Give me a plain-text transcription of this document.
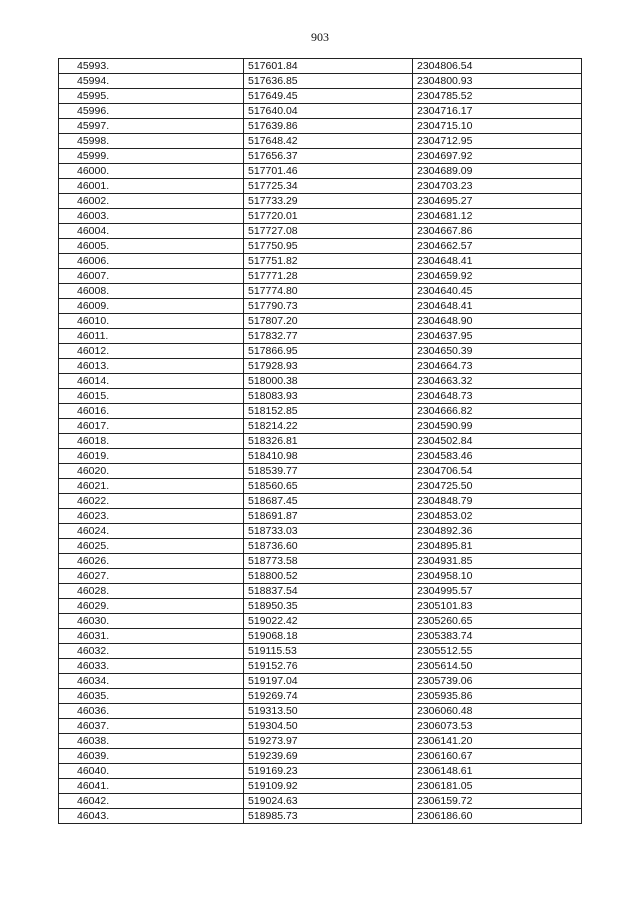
903
45993.	517601.84	2304806.54
45994.	517636.85	2304800.93
45995.	517649.45	2304785.52
45996.	517640.04	2304716.17
45997.	517639.86	2304715.10
45998.	517648.42	2304712.95
45999.	517656.37	2304697.92
46000.	517701.46	2304689.09
46001.	517725.34	2304703.23
46002.	517733.29	2304695.27
46003.	517720.01	2304681.12
46004.	517727.08	2304667.86
46005.	517750.95	2304662.57
46006.	517751.82	2304648.41
46007.	517771.28	2304659.92
46008.	517774.80	2304640.45
46009.	517790.73	2304648.41
46010.	517807.20	2304648.90
46011.	517832.77	2304637.95
46012.	517866.95	2304650.39
46013.	517928.93	2304664.73
46014.	518000.38	2304663.32
46015.	518083.93	2304648.73
46016.	518152.85	2304666.82
46017.	518214.22	2304590.99
46018.	518326.81	2304502.84
46019.	518410.98	2304583.46
46020.	518539.77	2304706.54
46021.	518560.65	2304725.50
46022.	518687.45	2304848.79
46023.	518691.87	2304853.02
46024.	518733.03	2304892.36
46025.	518736.60	2304895.81
46026.	518773.58	2304931.85
46027.	518800.52	2304958.10
46028.	518837.54	2304995.57
46029.	518950.35	2305101.83
46030.	519022.42	2305260.65
46031.	519068.18	2305383.74
46032.	519115.53	2305512.55
46033.	519152.76	2305614.50
46034.	519197.04	2305739.06
46035.	519269.74	2305935.86
46036.	519313.50	2306060.48
46037.	519304.50	2306073.53
46038.	519273.97	2306141.20
46039.	519239.69	2306160.67
46040.	519169.23	2306148.61
46041.	519109.92	2306181.05
46042.	519024.63	2306159.72
46043.	518985.73	2306186.60
